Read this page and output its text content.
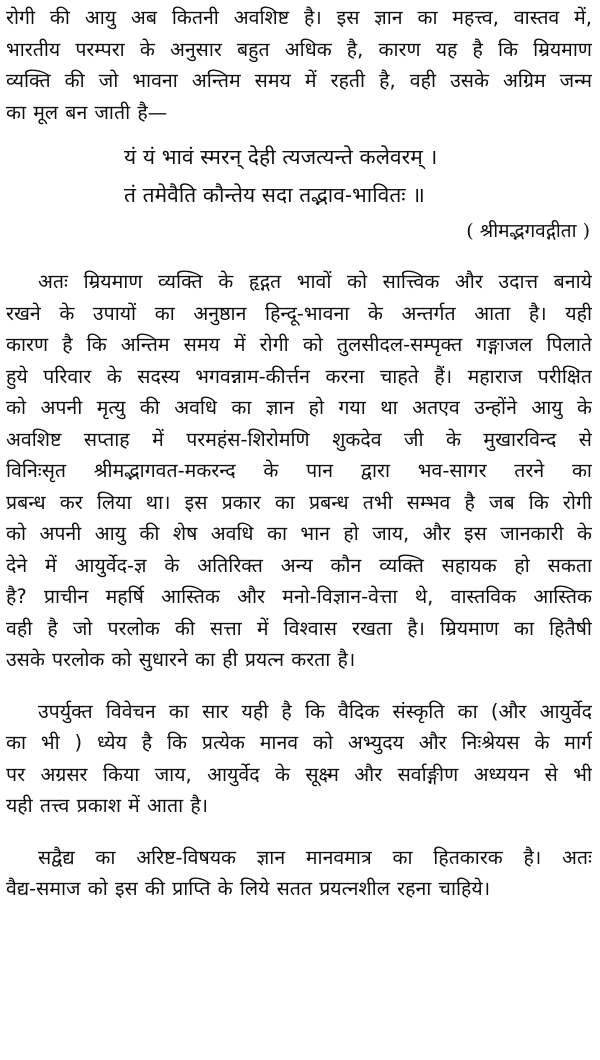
रोगी की आयु अब कितनी अवशिष्ट है। इस ज्ञान का महत्त्व, वास्तव में,
भारतीय परम्परा के अनुसार बहुत अधिक है, कारण यह है कि म्रियमाण
व्यक्ति की जो भावना अन्तिम समय में रहती है, वही उसके अग्रिम जन्म
का मूल बन जाती है—
यं यं भावं स्मरन् देही त्यजत्यन्ते कलेवरम् ।
तं तमेवैति कौन्तेय सदा तद्भाव-भावितः ॥

( श्रीमद्भगवद्गीता )

अतः म्रियमाण व्यक्ति के हृद्गत भावों को सात्त्विक और उदात्त बनाये
रखने के उपायों का अनुष्ठान हिन्दू-भावना के अन्तर्गत आता है। यही
कारण है कि अन्तिम समय में रोगी को तुलसीदल-सम्पृक्त गङ्गाजल पिलाते
हुये परिवार के सदस्य भगवन्नाम-कीर्त्तन करना चाहते हैं। महाराज परीक्षित
को अपनी मृत्यु की अवधि का ज्ञान हो गया था अतएव उन्होंने आयु के
अवशिष्ट सप्ताह में परमहंस-शिरोमणि शुकदेव जी के मुखारविन्द से
विनिःसृत श्रीमद्भागवत-मकरन्द के पान द्वारा भव-सागर तरने का
प्रबन्ध कर लिया था। इस प्रकार का प्रबन्ध तभी सम्भव है जब कि रोगी
को अपनी आयु की शेष अवधि का भान हो जाय, और इस जानकारी के
देने में आयुर्वेद-ज्ञ के अतिरिक्त अन्य कौन व्यक्ति सहायक हो सकता
है? प्राचीन महर्षि आस्तिक और मनो-विज्ञान-वेत्ता थे, वास्तविक आस्तिक
वही है जो परलोक की सत्ता में विश्वास रखता है। म्रियमाण का हितैषी
उसके परलोक को सुधारने का ही प्रयत्न करता है।
उपर्युक्त विवेचन का सार यही है कि वैदिक संस्कृति का (और आयुर्वेद
का भी ) ध्येय है कि प्रत्येक मानव को अभ्युदय और निःश्रेयस के मार्ग
पर अग्रसर किया जाय, आयुर्वेद के सूक्ष्म और सर्वाङ्गीण अध्ययन से भी
यही तत्त्व प्रकाश में आता है।
सद्वैद्य का अरिष्ट-विषयक ज्ञान मानवमात्र का हितकारक है। अतः
वैद्य-समाज को इस की प्राप्ति के लिये सतत प्रयत्नशील रहना चाहिये।
